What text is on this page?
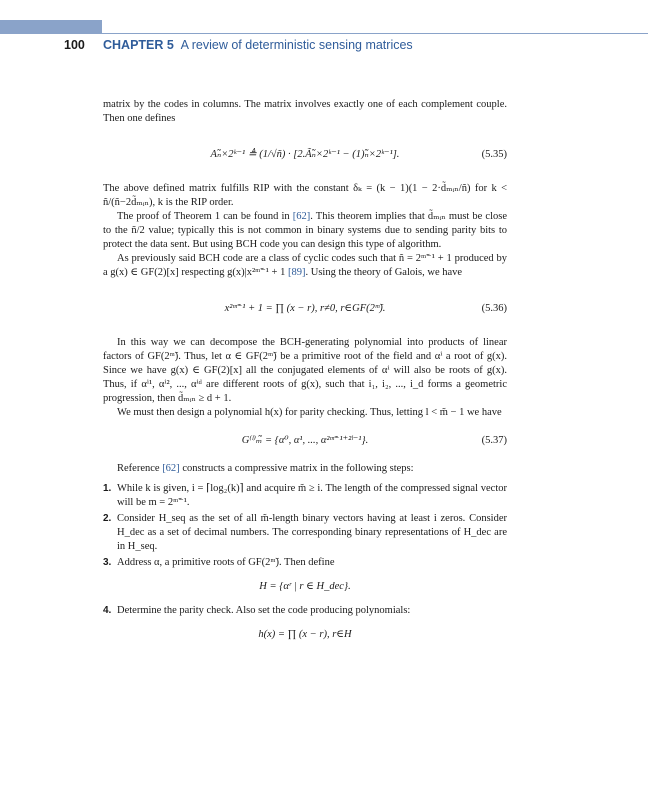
100 CHAPTER 5 A review of deterministic sensing matrices

matrix by the codes in columns. The matrix involves exactly one of each complement couple. Then one defines

Aₙ̃×2ᵏ⁻¹ ≜ (1/√ñ) · [2.Ãₙ̃×2ᵏ⁻¹ − (1)ₙ̃×2ᵏ⁻¹].	(5.35)

The above defined matrix fulfills RIP with the constant δₖ = (k − 1)(1 − 2·d̃ₘᵢₙ/ñ) for k < ñ/(ñ−2d̃ₘᵢₙ), k is the RIP order.

The proof of Theorem 1 can be found in [62]. This theorem implies that d̃ₘᵢₙ must be close to the ñ/2 value; typically this is not common in binary systems due to sending parity bits to protect the data sent. But using BCH code you can design this type of algorithm.

As previously said BCH code are a class of cyclic codes such that ñ = 2ᵐ̃⁻¹ + 1 produced by a g(x) ∈ GF(2)[x] respecting g(x)|x²ᵐ̃⁻¹ + 1 [89]. Using the theory of Galois, we have

x²ᵐ̃⁻¹ + 1 = ∏ (x − r), r≠0, r∈GF(2ᵐ̃).	(5.36)

In this way we can decompose the BCH-generating polynomial into products of linear factors of GF(2ᵐ̃). Thus, let α ∈ GF(2ᵐ̃) be a primitive root of the field and αⁱ a root of g(x). Since we have g(x) ∈ GF(2)[x] all the conjugated elements of αⁱ will also be roots of g(x). Thus, if αⁱ¹, αⁱ², ..., αⁱᵈ are different roots of g(x), such that i₁, i₂, ..., i_d forms a geometric progression, then d̃ₘᵢₙ ≥ d + 1.

We must then design a polynomial h(x) for parity checking. Thus, letting l < m̃ − 1 we have

G⁽ˡ⁾ₘ̃ = {α⁰, α¹, ..., α²ᵐ̃⁻¹⁺²ˡ⁻¹}.	(5.37)

Reference [62] constructs a compressive matrix in the following steps:

1. While k is given, i = ⌈log₂(k)⌉ and acquire m̃ ≥ i. The length of the compressed signal vector will be m = 2ᵐ̃⁻¹.
2. Consider H_seq as the set of all m̃-length binary vectors having at least i zeros. Consider H_dec as a set of decimal numbers. The corresponding binary representations of H_dec are in H_seq.
3. Address α, a primitive roots of GF(2ᵐ̃). Then define
H = {αʳ | r ∈ H_dec}.
4. Determine the parity check. Also set the code producing polynomials:
h(x) = ∏ (x − r), r∈H
